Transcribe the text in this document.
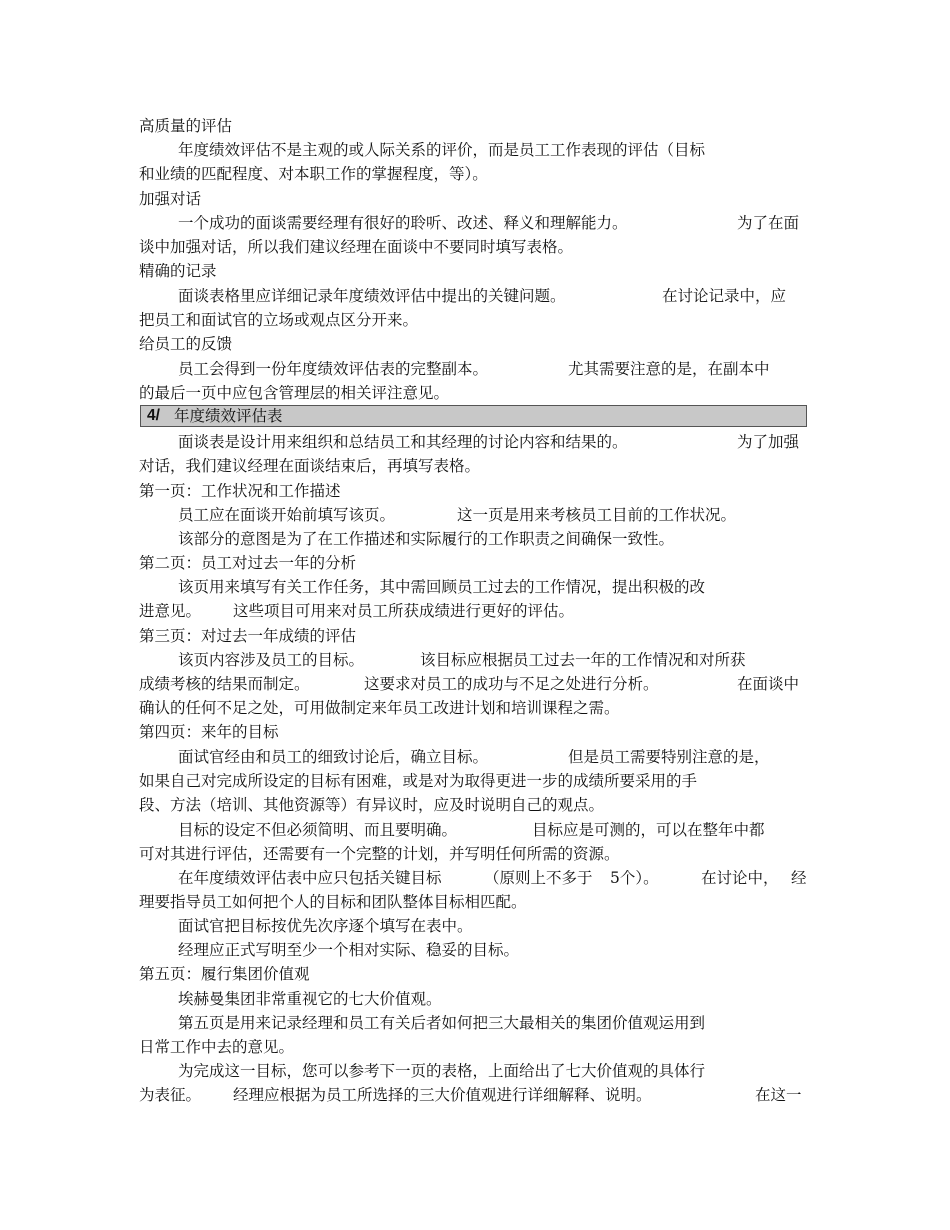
高质量的评估
年度绩效评估不是主观的或人际关系的评价，而是员工工作表现的评估（目标
和业绩的匹配程度、对本职工作的掌握程度，等）。
加强对话
一个成功的面谈需要经理有很好的聆听、改述、释义和理解能力。	为了在面
谈中加强对话，所以我们建议经理在面谈中不要同时填写表格。
精确的记录
面谈表格里应详细记录年度绩效评估中提出的关键问题。	在讨论记录中，应
把员工和面试官的立场或观点区分开来。
给员工的反馈
员工会得到一份年度绩效评估表的完整副本。	尤其需要注意的是，在副本中
的最后一页中应包含管理层的相关评注意见。
4/ 年度绩效评估表
面谈表是设计用来组织和总结员工和其经理的讨论内容和结果的。	为了加强
对话，我们建议经理在面谈结束后，再填写表格。
第一页：工作状况和工作描述
员工应在面谈开始前填写该页。	这一页是用来考核员工目前的工作状况。
该部分的意图是为了在工作描述和实际履行的工作职责之间确保一致性。
第二页：员工对过去一年的分析
该页用来填写有关工作任务，其中需回顾员工过去的工作情况，提出积极的改
进意见。 这些项目可用来对员工所获成绩进行更好的评估。
第三页：对过去一年成绩的评估
该页内容涉及员工的目标。	该目标应根据员工过去一年的工作情况和对所获
成绩考核的结果而制定。	这要求对员工的成功与不足之处进行分析。	在面谈中
确认的任何不足之处，可用做制定来年员工改进计划和培训课程之需。
第四页：来年的目标
面试官经由和员工的细致讨论后，确立目标。	但是员工需要特别注意的是，
如果自己对完成所设定的目标有困难，或是对为取得更进一步的成绩所要采用的手
段、方法（培训、其他资源等）有异议时，应及时说明自己的观点。
目标的设定不但必须简明、而且要明确。	目标应是可测的，可以在整年中都
可对其进行评估，还需要有一个完整的计划，并写明任何所需的资源。
在年度绩效评估表中应只包括关键目标	（原则上不多于 5个）。	在讨论中， 经
理要指导员工如何把个人的目标和团队整体目标相匹配。
面试官把目标按优先次序逐个填写在表中。
经理应正式写明至少一个相对实际、稳妥的目标。
第五页：履行集团价值观
埃赫曼集团非常重视它的七大价值观。
第五页是用来记录经理和员工有关后者如何把三大最相关的集团价值观运用到
日常工作中去的意见。
为完成这一目标，您可以参考下一页的表格，上面给出了七大价值观的具体行
为表征。 经理应根据为员工所选择的三大价值观进行详细解释、说明。	在这一
